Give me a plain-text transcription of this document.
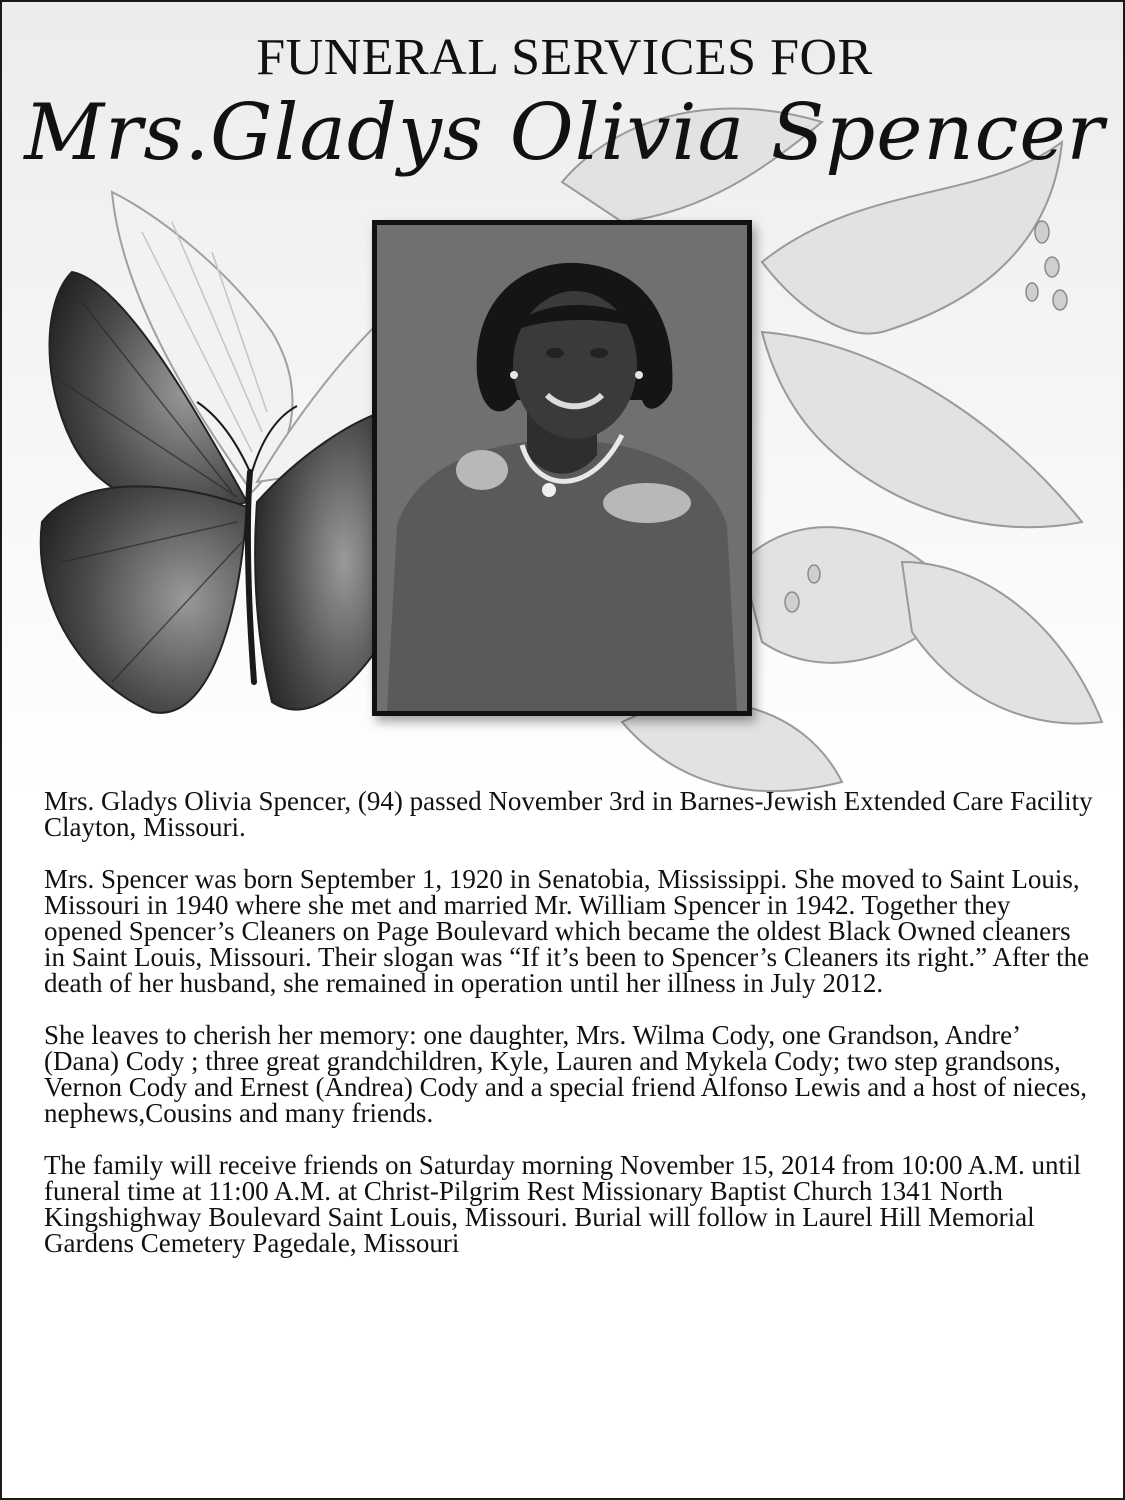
FUNERAL SERVICES FOR
Mrs.Gladys Olivia Spencer

Mrs. Gladys Olivia Spencer, (94) passed November 3rd in Barnes-Jewish Extended Care Facility Clayton, Missouri.

Mrs. Spencer was born September 1, 1920 in Senatobia, Mississippi. She moved to Saint Louis, Missouri in 1940 where she met and married Mr. William Spencer in 1942. Together they opened Spencer’s Cleaners on Page Boulevard which became the oldest Black Owned cleaners in Saint Louis, Missouri. Their slogan was “If it’s been to Spencer’s Cleaners its right.” After the death of her husband, she remained in operation until her illness in July 2012.

She leaves to cherish her memory: one daughter, Mrs. Wilma Cody, one Grandson, Andre’ (Dana) Cody ; three great grandchildren, Kyle, Lauren and Mykela Cody; two step grandsons, Vernon Cody and Ernest (Andrea) Cody and a special friend Alfonso Lewis and a host of nieces, nephews,Cousins and many friends.

The family will receive friends on Saturday morning November 15, 2014 from 10:00 A.M. until funeral time at 11:00 A.M. at Christ-Pilgrim Rest Missionary Baptist Church 1341 North Kingshighway Boulevard Saint Louis, Missouri. Burial will follow in Laurel Hill Memorial Gardens Cemetery Pagedale, Missouri
